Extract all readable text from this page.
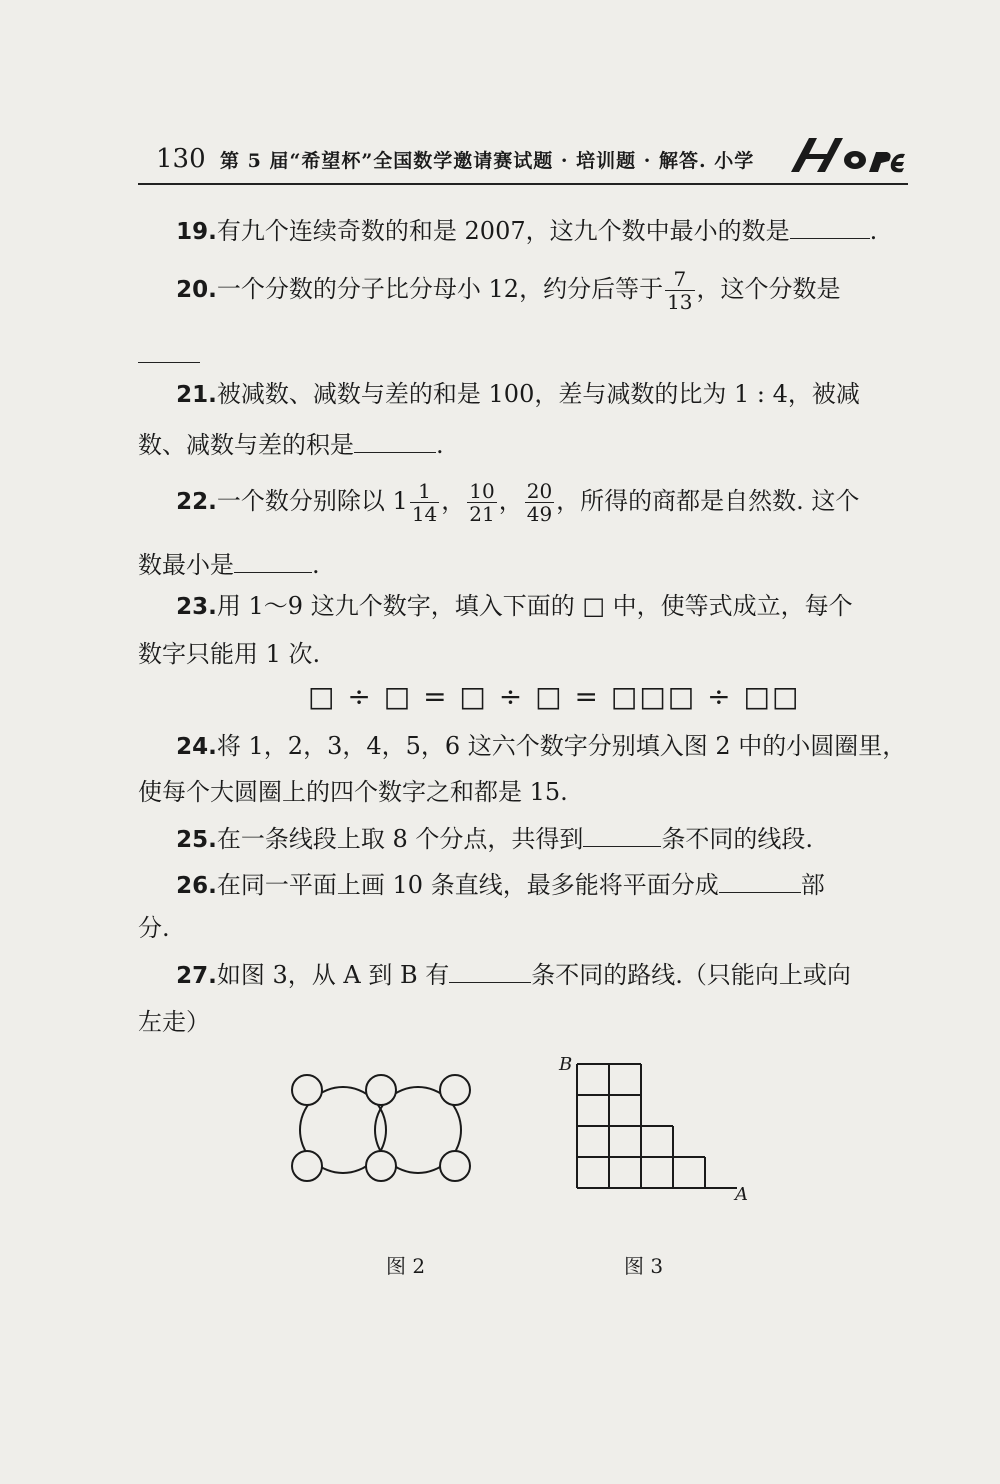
130 第 5 届“希望杯”全国数学邀请赛试题 · 培训题 · 解答. 小学
Hope
19.有九个连续奇数的和是 2007，这九个数中最小的数是	.
20.一个分数的分子比分母小 12，约分后等于 $\frac{7}{13}$ ，这个分数是
21.被减数、减数与差的和是 100，差与减数的比为 1 : 4，被减
数、减数与差的积是	.
22.一个数分别除以 $1 \frac{1}{14}$ ， $\frac{10}{21}$ ， $\frac{20}{49}$ ，所得的商都是自然数. 这个
数最小是	.
23.用 1～9 这九个数字，填入下面的 □ 中，使等式成立，每个
数字只能用 1 次.
□ ÷ □ = □ ÷ □ = □□□ ÷ □□
24.将 1，2，3，4，5，6 这六个数字分别填入图 2 中的小圆圈里，
使每个大圆圈上的四个数字之和都是 15.
25.在一条线段上取 8 个分点，共得到	条不同的线段.
26.在同一平面上画 10 条直线，最多能将平面分成	部
分.
27.如图 3，从 A 到 B 有	条不同的路线.（只能向上或向
左走）
图 2
B
A
图 3
